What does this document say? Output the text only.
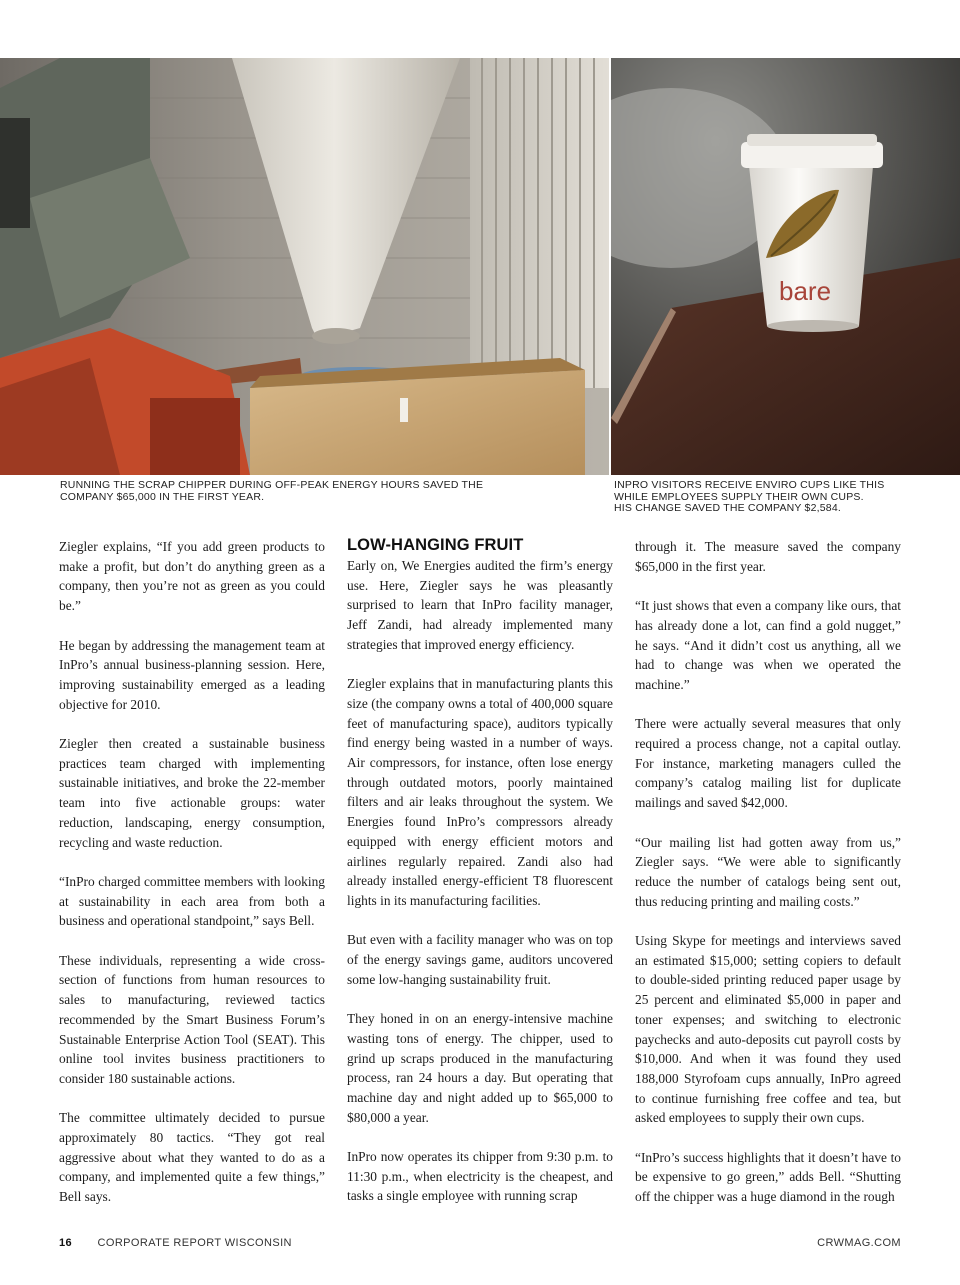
bare
RUNNING THE SCRAP CHIPPER DURING OFF-PEAK ENERGY HOURS SAVED THE
COMPANY $65,000 IN THE FIRST YEAR.
INPRO VISITORS RECEIVE ENVIRO CUPS LIKE THIS
WHILE EMPLOYEES SUPPLY THEIR OWN CUPS.
HIS CHANGE SAVED THE COMPANY $2,584.

Ziegler explains, “If you add green products to make a profit, but don’t do anything green as a company, then you’re not as green as you could be.”

He began by addressing the management team at InPro’s annual business-planning session. Here, improving sustainability emerged as a leading objective for 2010.

Ziegler then created a sustainable business practices team charged with implementing sustainable initiatives, and broke the 22-member team into five actionable groups: water reduction, landscaping, energy consumption, recycling and waste reduction.

“InPro charged committee members with looking at sustainability in each area from both a business and operational standpoint,” says Bell.

These individuals, representing a wide cross-section of functions from human resources to sales to manufacturing, reviewed tactics recommended by the Smart Business Forum’s Sustainable Enterprise Action Tool (SEAT). This online tool invites business practitioners to consider 180 sustainable actions.

The committee ultimately decided to pursue approximately 80 tactics. “They got real aggressive about what they wanted to do as a company, and implemented quite a few things,” Bell says.

LOW-HANGING FRUIT

Early on, We Energies audited the firm’s energy use. Here, Ziegler says he was pleasantly surprised to learn that InPro facility manager, Jeff Zandi, had already implemented many strategies that improved energy efficiency.

Ziegler explains that in manufacturing plants this size (the company owns a total of 400,000 square feet of manufacturing space), auditors typically find energy being wasted in a number of ways. Air compressors, for instance, often lose energy through outdated motors, poorly maintained filters and air leaks throughout the system. We Energies found InPro’s compressors already equipped with energy efficient motors and airlines regularly repaired. Zandi also had already installed energy-efficient T8 fluorescent lights in its manufacturing facilities.

But even with a facility manager who was on top of the energy savings game, auditors uncovered some low-hanging sustainability fruit.

They honed in on an energy-intensive machine wasting tons of energy. The chipper, used to grind up scraps produced in the manufacturing process, ran 24 hours a day. But operating that machine day and night added up to $65,000 to $80,000 a year.

InPro now operates its chipper from 9:30 p.m. to 11:30 p.m., when electricity is the cheapest, and tasks a single employee with running scrap

through it. The measure saved the company $65,000 in the first year.

“It just shows that even a company like ours, that has already done a lot, can find a gold nugget,” he says. “And it didn’t cost us anything, all we had to change was when we operated the machine.”

There were actually several measures that only required a process change, not a capital outlay. For instance, marketing managers culled the company’s catalog mailing list for duplicate mailings and saved $42,000.

“Our mailing list had gotten away from us,” Ziegler says. “We were able to significantly reduce the number of catalogs being sent out, thus reducing printing and mailing costs.”

Using Skype for meetings and interviews saved an estimated $15,000; setting copiers to default to double-sided printing reduced paper usage by 25 percent and eliminated $5,000 in paper and toner expenses; and switching to electronic paychecks and auto-deposits cut payroll costs by $10,000. And when it was found they used 188,000 Styrofoam cups annually, InPro agreed to continue furnishing free coffee and tea, but asked employees to supply their own cups.

“InPro’s success highlights that it doesn’t have to be expensive to go green,” adds Bell. “Shutting off the chipper was a huge diamond in the rough

16 CORPORATE REPORT WISCONSIN	CRWMAG.COM
